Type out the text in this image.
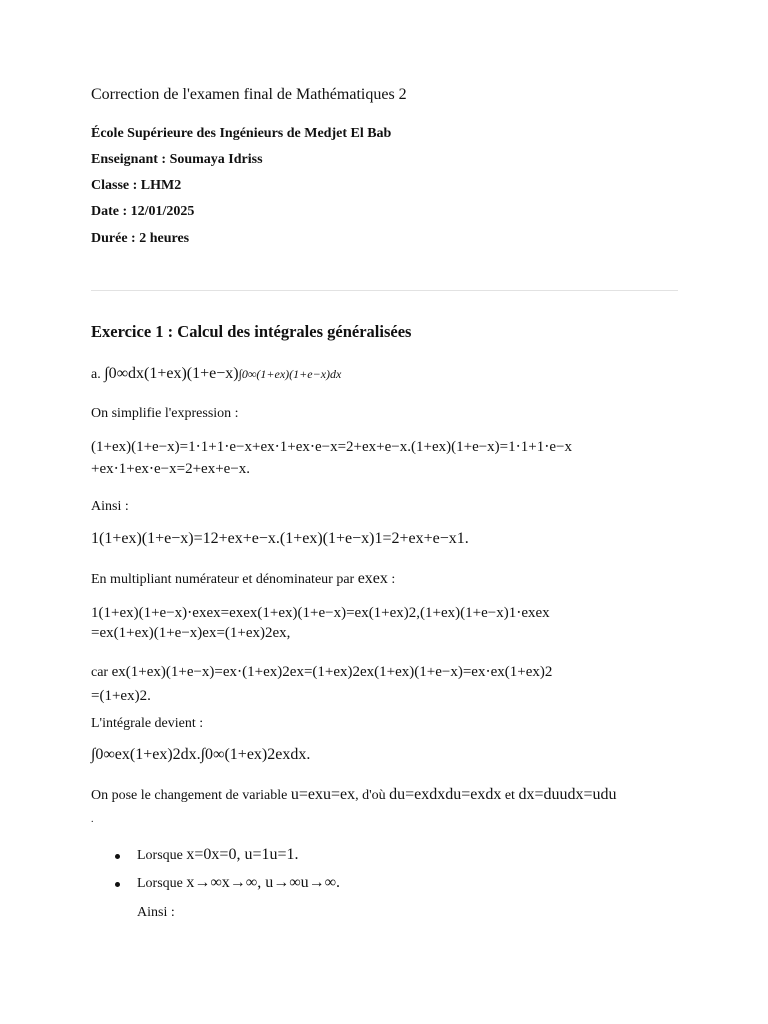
Correction de l'examen final de Mathématiques 2
École Supérieure des Ingénieurs de Medjet El Bab
Enseignant : Soumaya Idriss
Classe : LHM2
Date : 12/01/2025
Durée : 2 heures
Exercice 1 : Calcul des intégrales généralisées
a. ∫0∞dx(1+ex)(1+e−x)∫0∞(1+ex)(1+e−x)dx
On simplifie l'expression :
(1+ex)(1+e−x)=1⋅1+1⋅e−x+ex⋅1+ex⋅e−x=2+ex+e−x.(1+ex)(1+e−x)=1⋅1+1⋅e−x
+ex⋅1+ex⋅e−x=2+ex+e−x.
Ainsi :
1(1+ex)(1+e−x)=12+ex+e−x.(1+ex)(1+e−x)1=2+ex+e−x1.
En multipliant numérateur et dénominateur par exex :
1(1+ex)(1+e−x)⋅exex=exex(1+ex)(1+e−x)=ex(1+ex)2,(1+ex)(1+e−x)1⋅exex
=ex(1+ex)(1+e−x)ex=(1+ex)2ex,
car ex(1+ex)(1+e−x)=ex⋅(1+ex)2ex=(1+ex)2ex(1+ex)(1+e−x)=ex⋅ex(1+ex)2
=(1+ex)2.
L'intégrale devient :
∫0∞ex(1+ex)2dx.∫0∞(1+ex)2exdx.
On pose le changement de variable u=exu=ex, d'où du=exdxdu=exdx et dx=duudx=udu
.
Lorsque x=0x=0, u=1u=1.
Lorsque x→∞x→∞, u→∞u→∞.
Ainsi :
